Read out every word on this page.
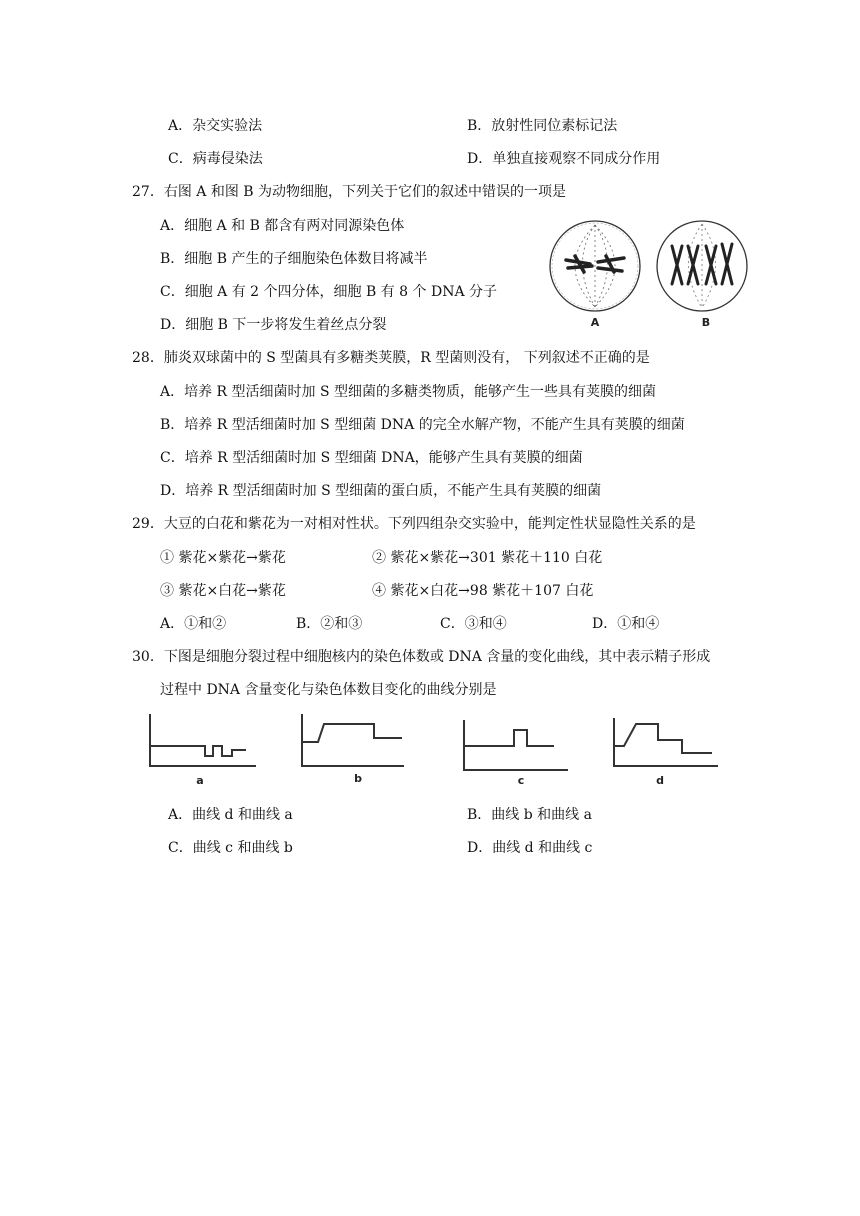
A．杂交实验法	B．放射性同位素标记法
C．病毒侵染法	D．单独直接观察不同成分作用
27．右图 A 和图 B 为动物细胞，下列关于它们的叙述中错误的一项是
A．细胞 A 和 B 都含有两对同源染色体
B．细胞 B 产生的子细胞染色体数目将减半
C．细胞 A 有 2 个四分体，细胞 B 有 8 个 DNA 分子
D．细胞 B 下一步将发生着丝点分裂	A	B
28．肺炎双球菌中的 S 型菌具有多糖类荚膜，R 型菌则没有， 下列叙述不正确的是
A．培养 R 型活细菌时加 S 型细菌的多糖类物质，能够产生一些具有荚膜的细菌
B．培养 R 型活细菌时加 S 型细菌 DNA 的完全水解产物，不能产生具有荚膜的细菌
C．培养 R 型活细菌时加 S 型细菌 DNA，能够产生具有荚膜的细菌
D．培养 R 型活细菌时加 S 型细菌的蛋白质，不能产生具有荚膜的细菌
29．大豆的白花和紫花为一对相对性状。下列四组杂交实验中，能判定性状显隐性关系的是
① 紫花×紫花→紫花	② 紫花×紫花→301 紫花＋110 白花
③ 紫花×白花→紫花	④ 紫花×白花→98 紫花＋107 白花
A．①和②	B．②和③	C．③和④	D．①和④
30．下图是细胞分裂过程中细胞核内的染色体数或 DNA 含量的变化曲线，其中表示精子形成
过程中 DNA 含量变化与染色体数目变化的曲线分别是
a	b	c	d
A．曲线 d 和曲线 a	B．曲线 b 和曲线 a
C．曲线 c 和曲线 b	D．曲线 d 和曲线 c
